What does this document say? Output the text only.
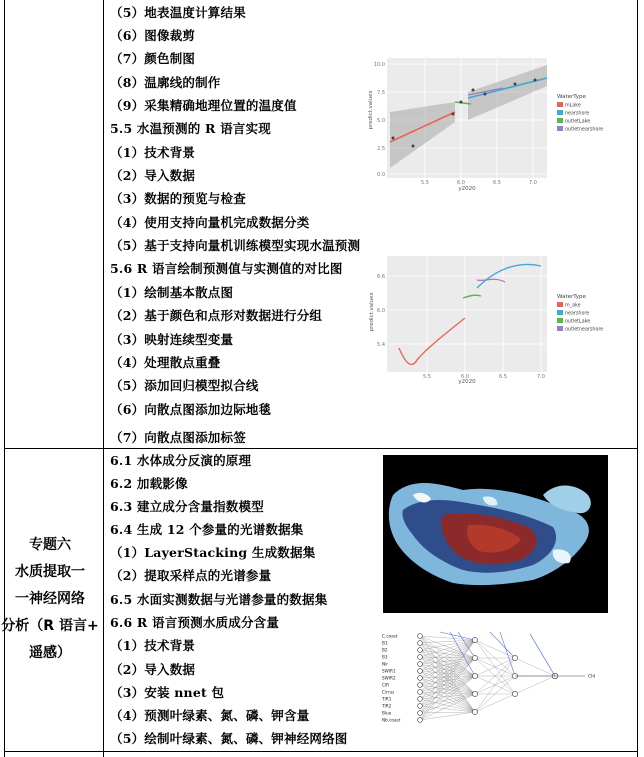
（5）地表温度计算结果
（6）图像裁剪
（7）颜色制图
（8）温廓线的制作
（9）采集精确地理位置的温度值
5.5 水温预测的 R 语言实现
（1）技术背景
（2）导入数据
（3）数据的预览与检查
（4）使用支持向量机完成数据分类
（5）基于支持向量机训练模型实现水温预测
5.6 R 语言绘制预测值与实测值的对比图
（1）绘制基本散点图
（2）基于颜色和点形对数据进行分组
（3）映射连续型变量
（4）处理散点重叠
（5）添加回归模型拟合线
（6）向散点图添加边际地毯
（7）向散点图添加标签
predict.values
y2020
0.0
2.5
5.0
7.5
10.0
5.5	6.0	6.5	7.0
WaterType
mLake
nearshore
outletLake
outletnearshore
predict.values
y2020
5.4
6.0
6.6
5.5	6.0	6.5	7.0
WaterType
m_ake
nearshore
outletLake
outletnearshore
专题六
水质提取一
一神经网络
分析（R 语言+
遥感）
6.1 水体成分反演的原理
6.2 加载影像
6.3 建立成分含量指数模型
6.4 生成 12 个参量的光谱数据集
（1）LayerStacking 生成数据集
（2）提取采样点的光谱参量
6.5 水面实测数据与光谱参量的数据集
6.6 R 语言预测水质成分含量
（1）技术背景
（2）导入数据
（3）安装 nnet 包
（4）预测叶绿素、氮、磷、钾含量
（5）绘制叶绿素、氮、磷、钾神经网络图
C.coast
B1
B2
B3
Nir
SWIR1
SWIR2
CIR
Cirrus
TIR1
TIR2
Blue
Nb.coast
Chl
